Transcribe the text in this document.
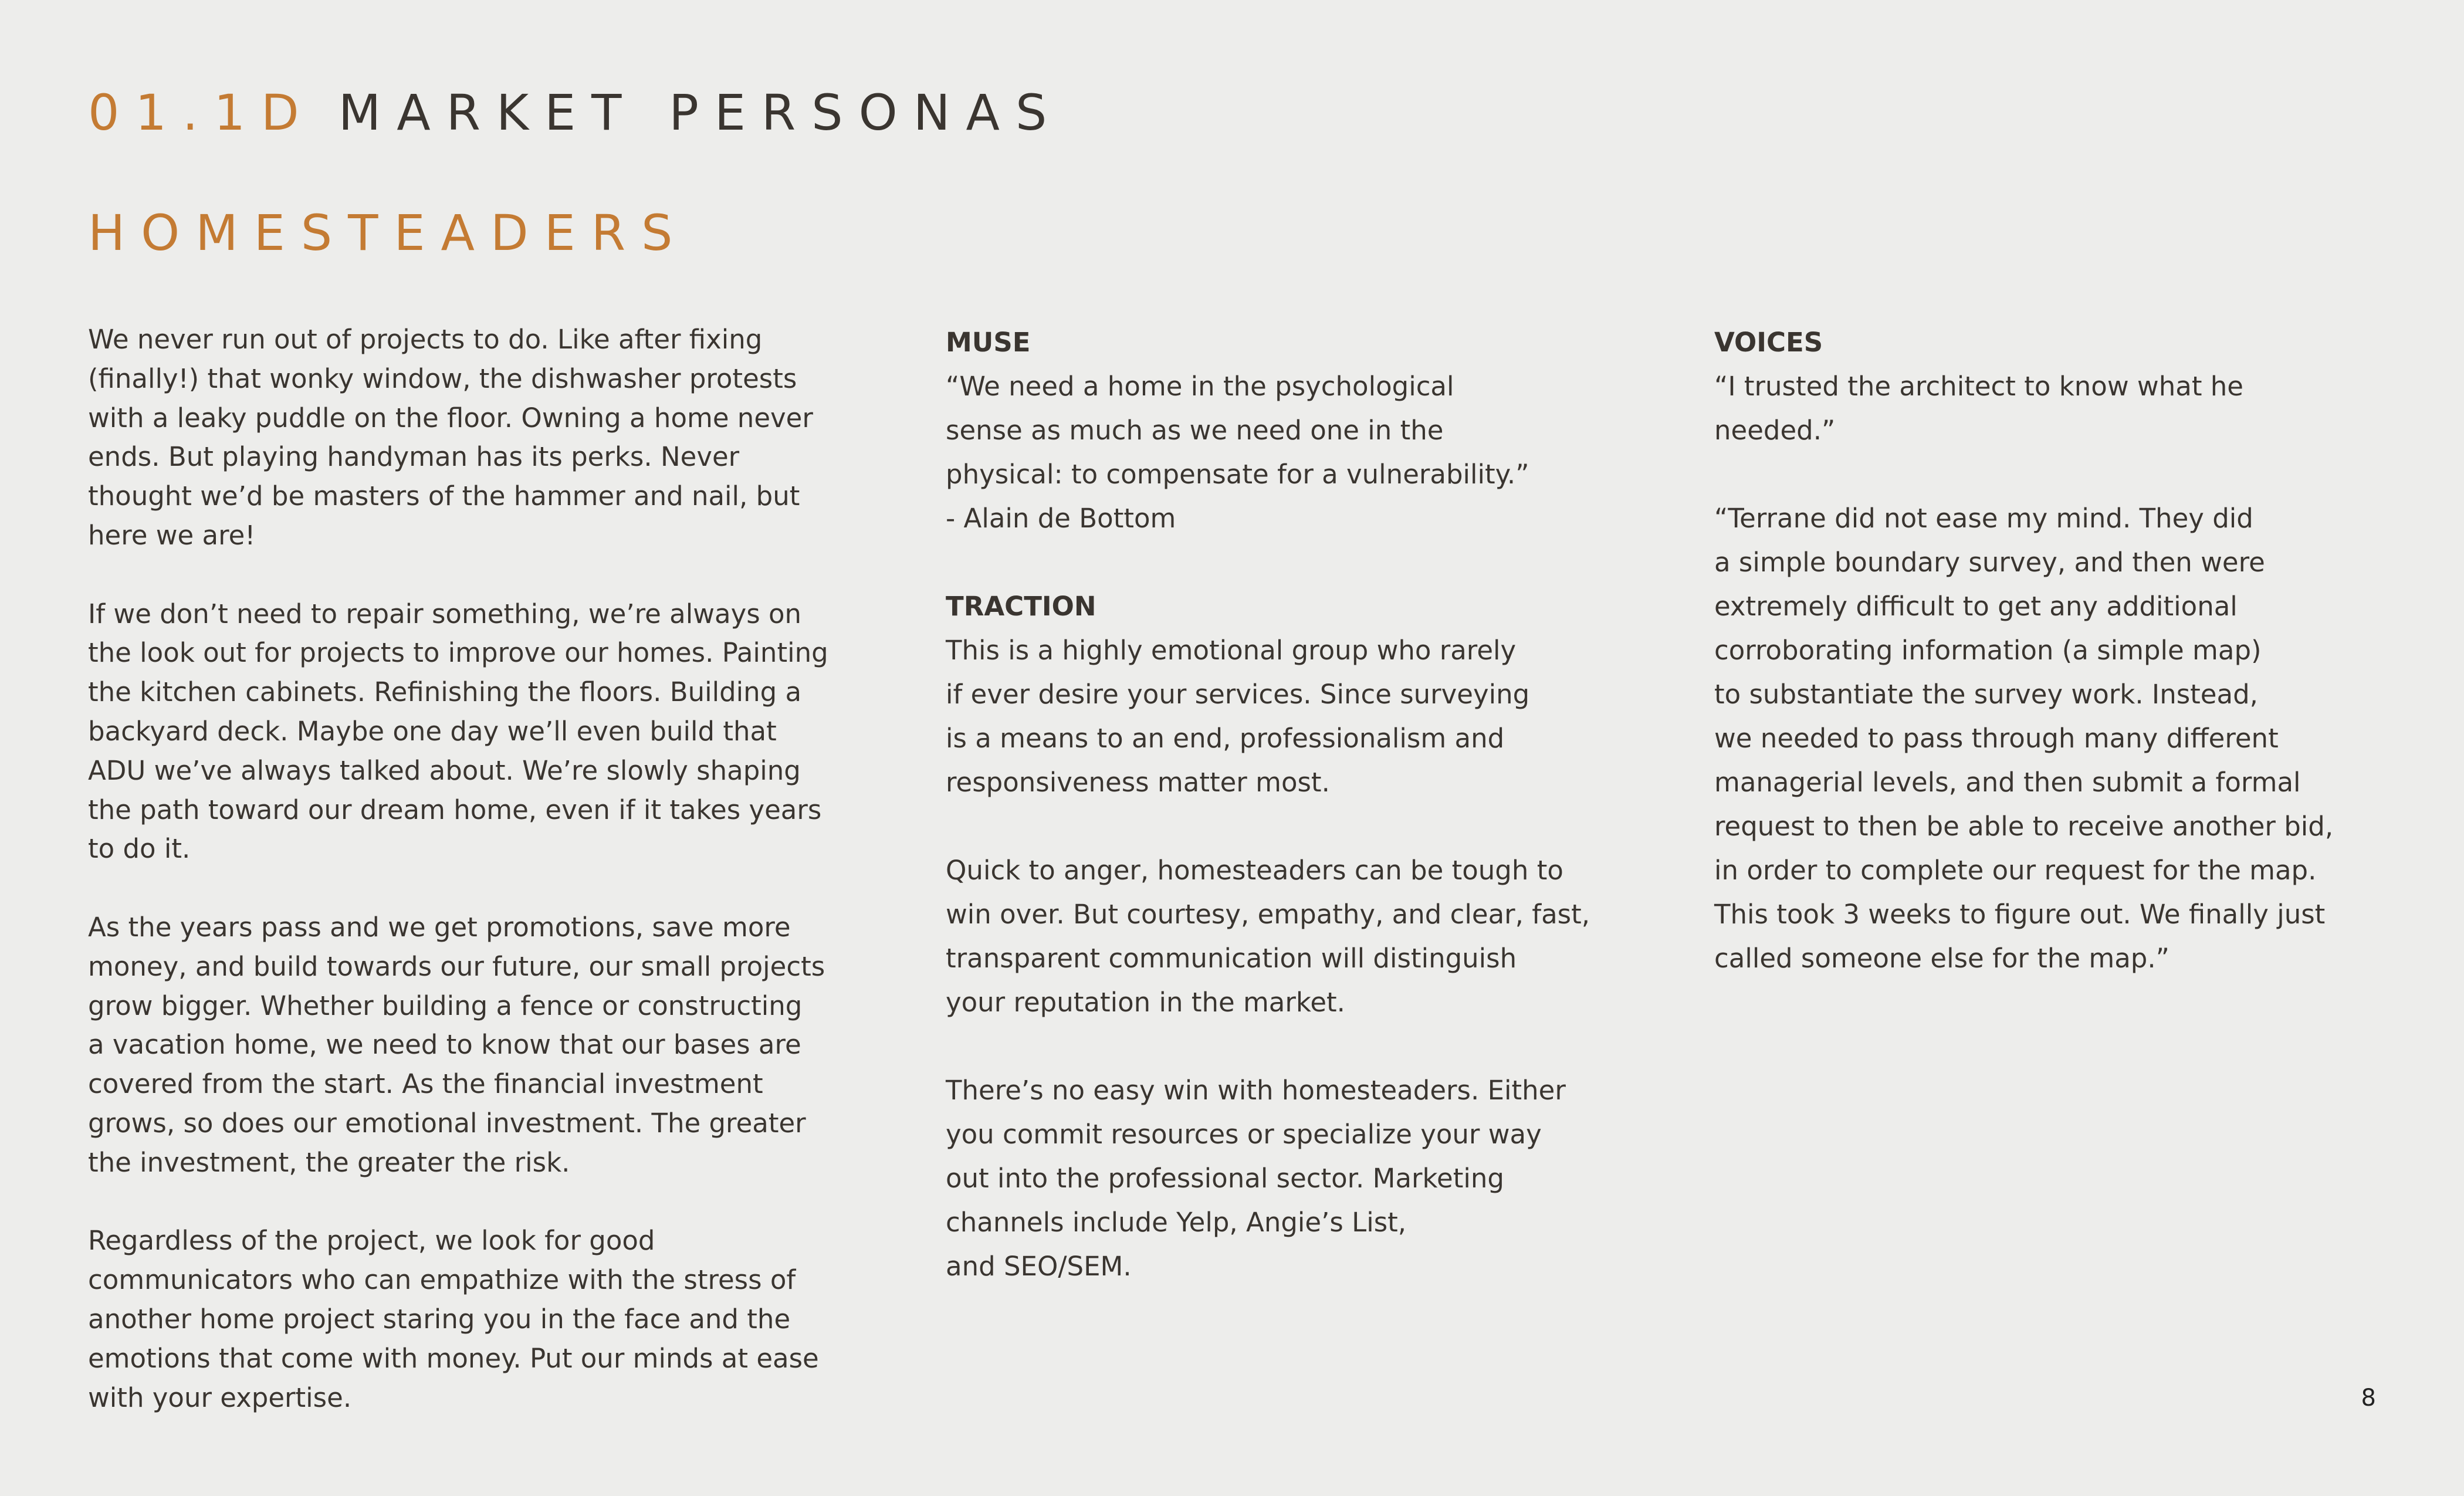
01.1D MARKET PERSONAS
HOMESTEADERS

We never run out of projects to do. Like after fixing
(finally!) that wonky window, the dishwasher protests
with a leaky puddle on the floor. Owning a home never
ends. But playing handyman has its perks. Never
thought we’d be masters of the hammer and nail, but
here we are!

If we don’t need to repair something, we’re always on
the look out for projects to improve our homes. Painting
the kitchen cabinets. Refinishing the floors. Building a
backyard deck. Maybe one day we’ll even build that
ADU we’ve always talked about. We’re slowly shaping
the path toward our dream home, even if it takes years
to do it.

As the years pass and we get promotions, save more
money, and build towards our future, our small projects
grow bigger. Whether building a fence or constructing
a vacation home, we need to know that our bases are
covered from the start. As the financial investment
grows, so does our emotional investment. The greater
the investment, the greater the risk.

Regardless of the project, we look for good
communicators who can empathize with the stress of
another home project staring you in the face and the
emotions that come with money. Put our minds at ease
with your expertise.

MUSE

“We need a home in the psychological
sense as much as we need one in the
physical: to compensate for a vulnerability.”
- Alain de Bottom

TRACTION

This is a highly emotional group who rarely
if ever desire your services. Since surveying
is a means to an end, professionalism and
responsiveness matter most.

Quick to anger, homesteaders can be tough to
win over. But courtesy, empathy, and clear, fast,
transparent communication will distinguish
your reputation in the market.

There’s no easy win with homesteaders. Either
you commit resources or specialize your way
out into the professional sector. Marketing
channels include Yelp, Angie’s List,
and SEO/SEM.

VOICES

“I trusted the architect to know what he
needed.”

“Terrane did not ease my mind. They did
a simple boundary survey, and then were
extremely difficult to get any additional
corroborating information (a simple map)
to substantiate the survey work. Instead,
we needed to pass through many different
managerial levels, and then submit a formal
request to then be able to receive another bid,
in order to complete our request for the map.
This took 3 weeks to figure out. We finally just
called someone else for the map.”

8
